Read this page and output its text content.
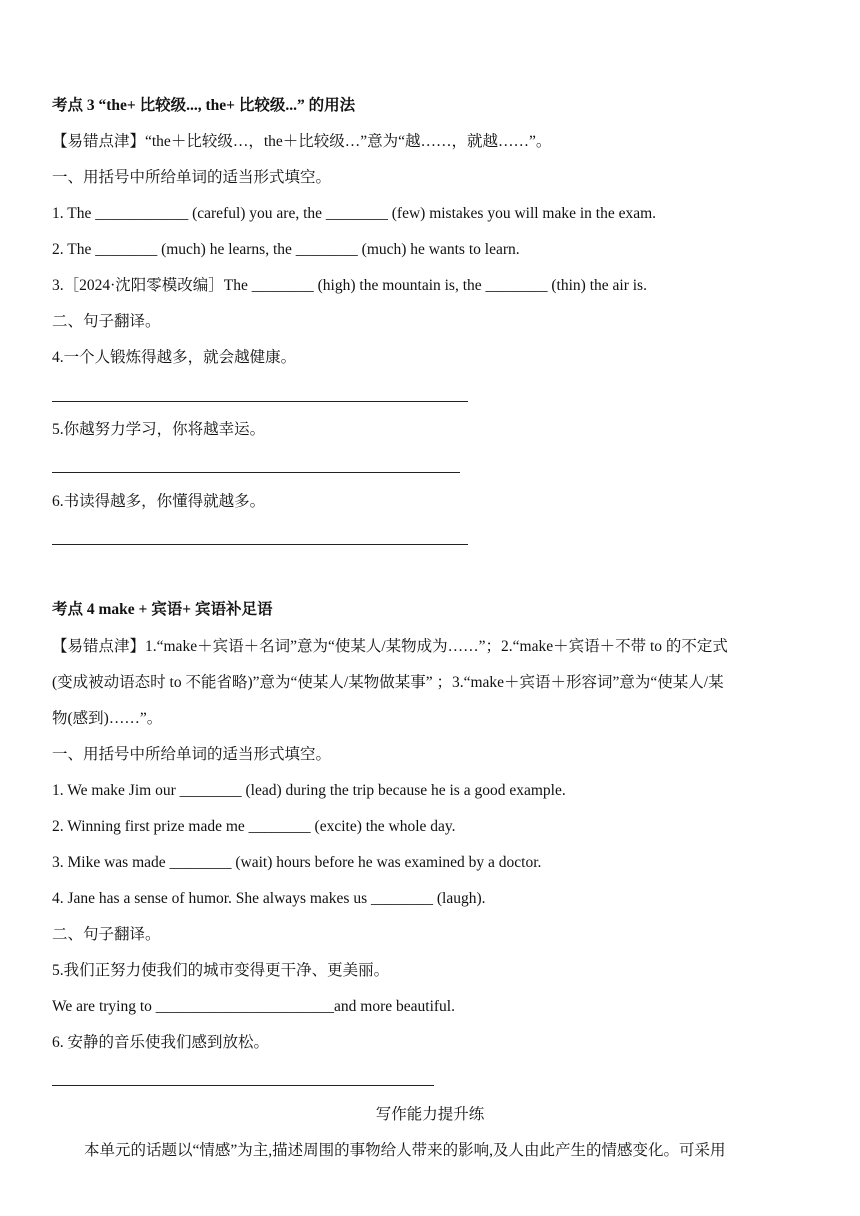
考点 3 “the+ 比较级..., the+ 比较级...” 的用法
【易错点津】“the＋比较级…，the＋比较级…”意为“越……，就越……”。
一、用括号中所给单词的适当形式填空。
1. The ____________ (careful) you are, the ________ (few) mistakes you will make in the exam.
2. The ________ (much) he learns, the ________ (much) he wants to learn.
3.［2024·沈阳零模改编］The ________ (high) the mountain is, the ________ (thin) the air is.
二、句子翻译。
4.一个人锻炼得越多，就会越健康。
5.你越努力学习，你将越幸运。
6.书读得越多，你懂得就越多。
考点 4 make + 宾语+ 宾语补足语
【易错点津】1.“make＋宾语＋名词”意为“使某人/某物成为……”；2.“make＋宾语＋不带 to 的不定式
(变成被动语态时 to 不能省略)”意为“使某人/某物做某事” ；3.“make＋宾语＋形容词”意为“使某人/某
物(感到)……”。
一、用括号中所给单词的适当形式填空。
1. We make Jim our ________ (lead) during the trip because he is a good example.
2. Winning first prize made me ________ (excite) the whole day.
3. Mike was made ________ (wait) hours before he was examined by a doctor.
4. Jane has a sense of humor. She always makes us ________ (laugh).
二、句子翻译。
5.我们正努力使我们的城市变得更干净、更美丽。
We are trying to _______________________and more beautiful.
6. 安静的音乐使我们感到放松。
写作能力提升练
本单元的话题以“情感”为主,描述周围的事物给人带来的影响,及人由此产生的情感变化。可采用
